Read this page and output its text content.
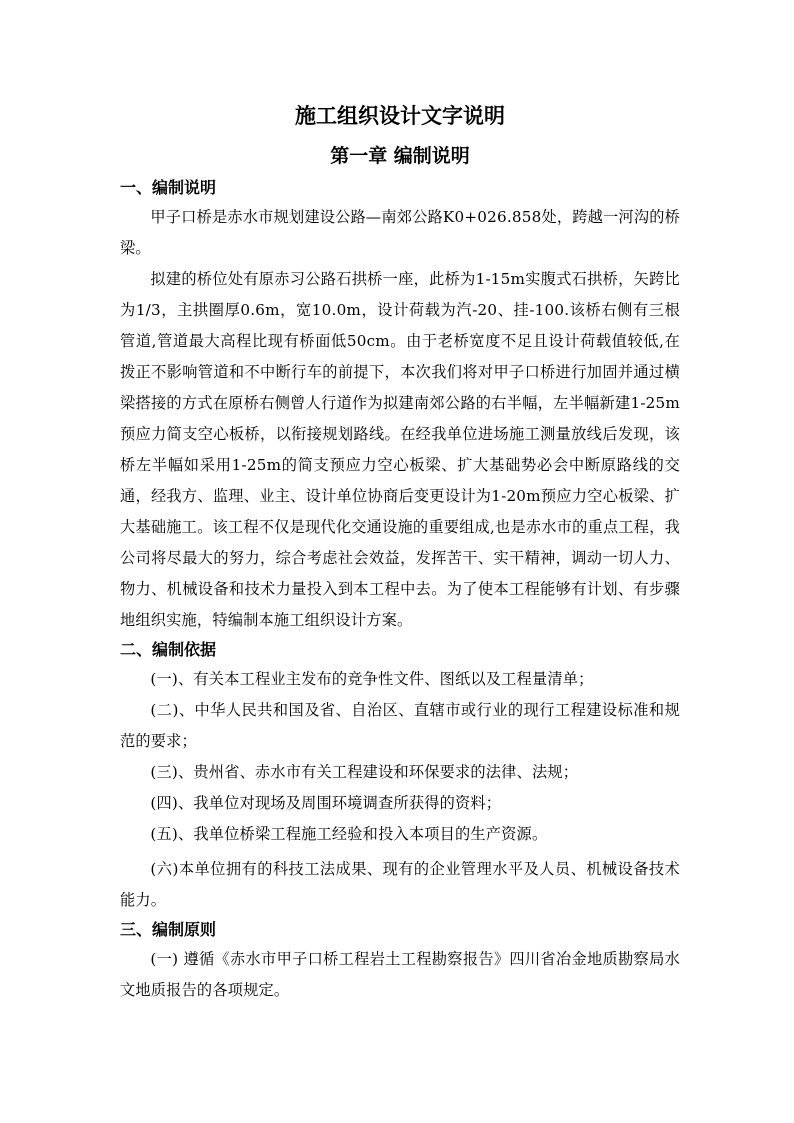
施工组织设计文字说明
第一章 编制说明

一、编制说明

甲子口桥是赤水市规划建设公路—南郊公路K0+026.858处，跨越一河沟的桥梁。

拟建的桥位处有原赤习公路石拱桥一座，此桥为1-15m实腹式石拱桥，矢跨比为1/3，主拱圈厚0.6m，宽10.0m，设计荷载为汽-20、挂-100.该桥右侧有三根管道,管道最大高程比现有桥面低50cm。由于老桥宽度不足且设计荷载值较低,在拨正不影响管道和不中断行车的前提下，本次我们将对甲子口桥进行加固并通过横梁搭接的方式在原桥右侧曾人行道作为拟建南郊公路的右半幅，左半幅新建1-25m预应力简支空心板桥，以衔接规划路线。在经我单位进场施工测量放线后发现，该桥左半幅如采用1-25m的简支预应力空心板梁、扩大基础势必会中断原路线的交通，经我方、监理、业主、设计单位协商后变更设计为1-20m预应力空心板梁、扩大基础施工。该工程不仅是现代化交通设施的重要组成,也是赤水市的重点工程，我公司将尽最大的努力，综合考虑社会效益，发挥苦干、实干精神，调动一切人力、物力、机械设备和技术力量投入到本工程中去。为了使本工程能够有计划、有步骤地组织实施，特编制本施工组织设计方案。

二、编制依据

(一)、有关本工程业主发布的竞争性文件、图纸以及工程量清单；

(二)、中华人民共和国及省、自治区、直辖市或行业的现行工程建设标准和规范的要求；

(三)、贵州省、赤水市有关工程建设和环保要求的法律、法规；

(四)、我单位对现场及周围环境调查所获得的资料；

(五)、我单位桥梁工程施工经验和投入本项目的生产资源。

(六)本单位拥有的科技工法成果、现有的企业管理水平及人员、机械设备技术能力。

三、编制原则

(一) 遵循《赤水市甲子口桥工程岩土工程勘察报告》四川省冶金地质勘察局水文地质报告的各项规定。
